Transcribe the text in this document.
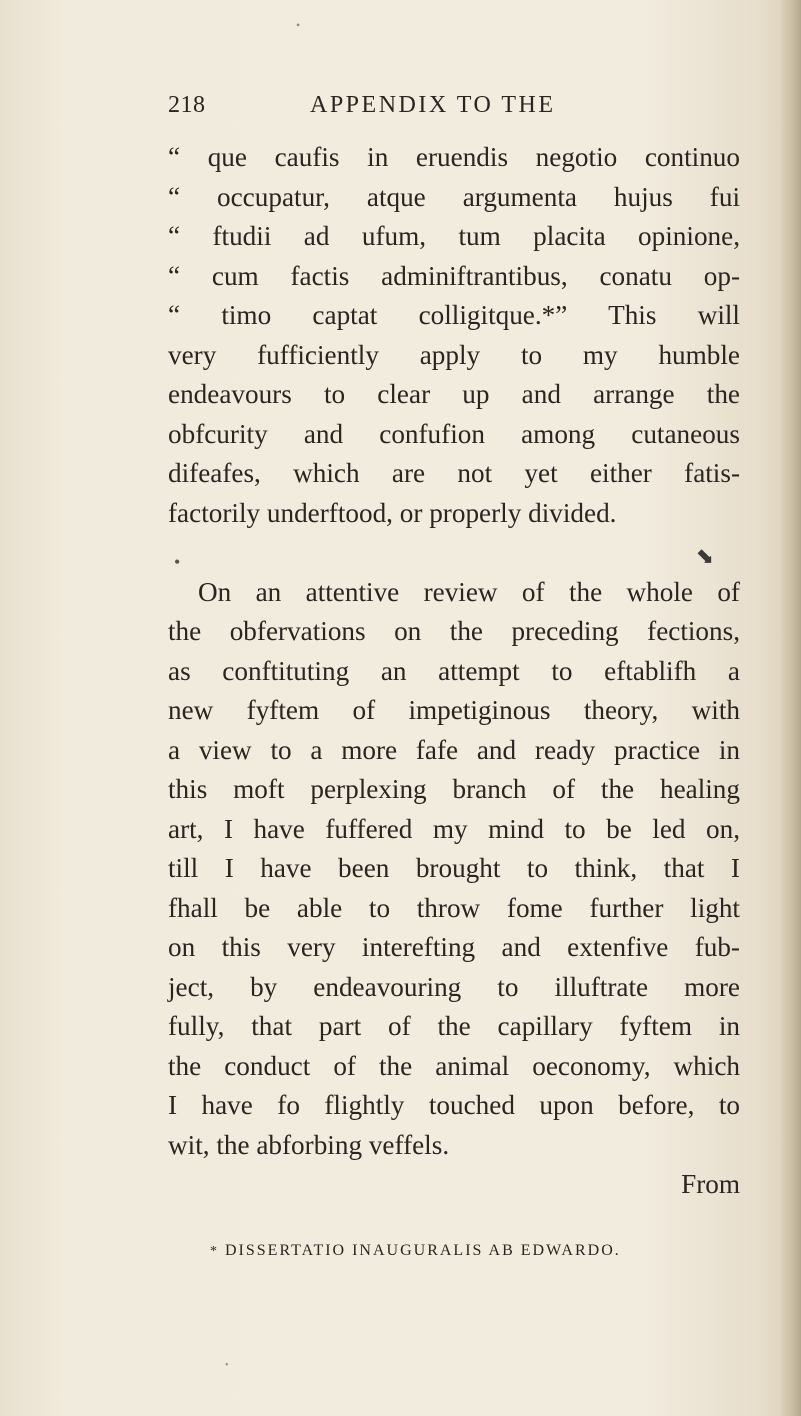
218	APPENDIX TO THE
“ que caufis in eruendis negotio continuo
“ occupatur, atque argumenta hujus fui
“ ftudii ad ufum, tum placita opinione,
“ cum factis adminiftrantibus, conatu op-
“ timo captat colligitque.*” This will
very fufficiently apply to my humble
endeavours to clear up and arrange the
obfcurity and confufion among cutaneous
difeafes, which are not yet either fatis-
factorily underftood, or properly divided.
•	⬊
On an attentive review of the whole of
the obfervations on the preceding fections,
as conftituting an attempt to eftablifh a
new fyftem of impetiginous theory, with
a view to a more fafe and ready practice in
this moft perplexing branch of the healing
art, I have fuffered my mind to be led on,
till I have been brought to think, that I
fhall be able to throw fome further light
on this very interefting and extenfive fub-
ject, by endeavouring to illuftrate more
fully, that part of the capillary fyftem in
the conduct of the animal oeconomy, which
I have fo flightly touched upon before, to
wit, the abforbing veffels.
From
* DISSERTATIO INAUGURALIS AB EDWARDO.
•
•
